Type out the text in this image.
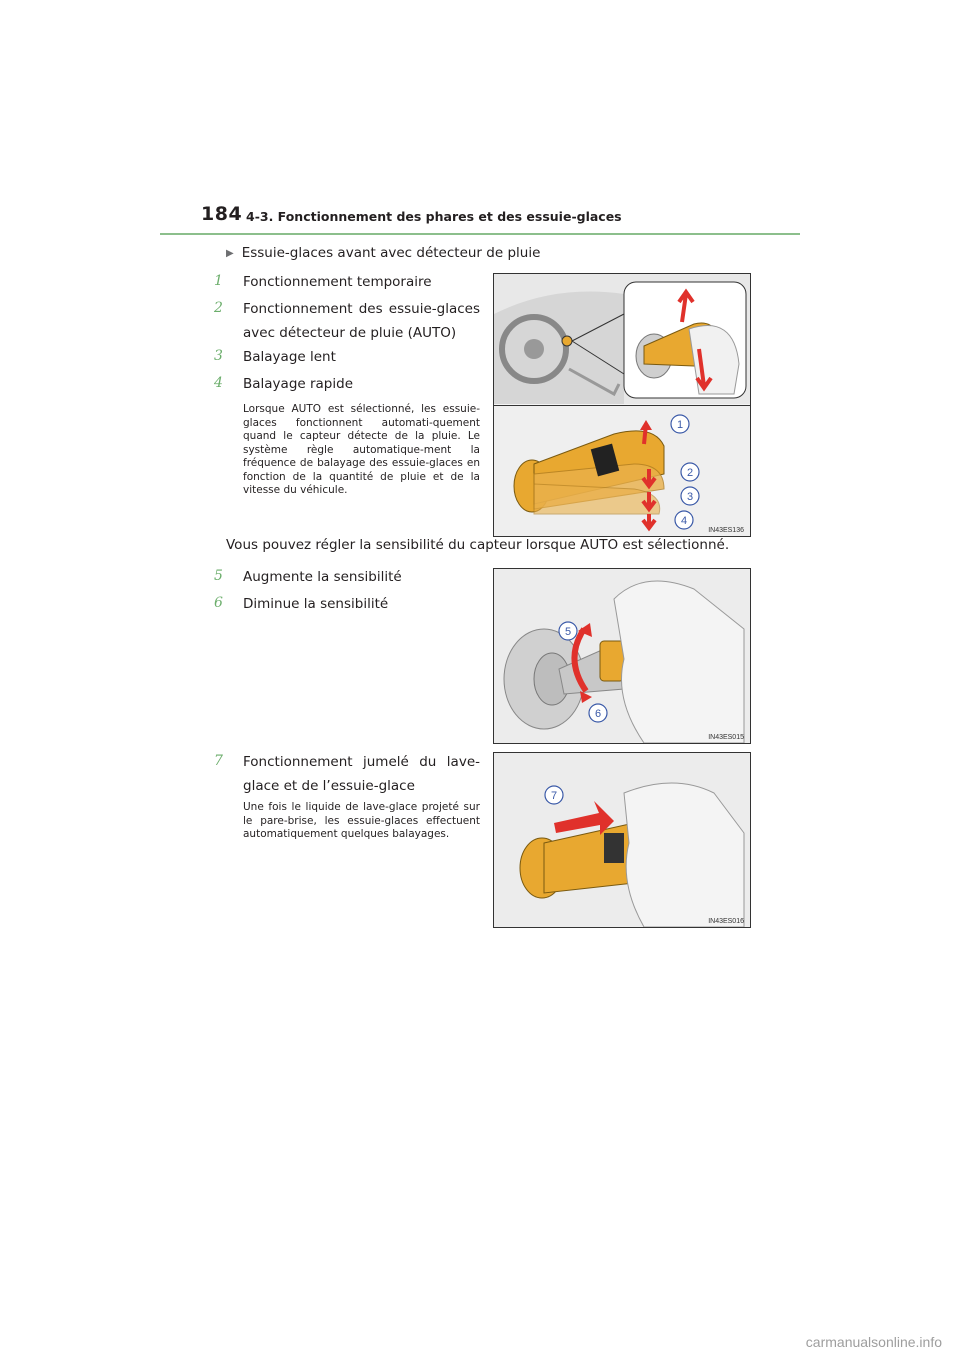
184 4-3. Fonctionnement des phares et des essuie-glaces
▶ Essuie-glaces avant avec détecteur de pluie
1	Fonctionnement temporaire
2	Fonctionnement des essuie-glaces avec détecteur de pluie (AUTO)
3	Balayage lent
4	Balayage rapide
Lorsque AUTO est sélectionné, les essuie-glaces fonctionnent automati-quement quand le capteur détecte de la pluie. Le système règle automatique-ment la fréquence de balayage des essuie-glaces en fonction de la quantité de pluie et de la vitesse du véhicule.
1
2
3
4
IN43ES136
Vous pouvez régler la sensibilité du capteur lorsque AUTO est sélectionné.
5	Augmente la sensibilité
6	Diminue la sensibilité
5
6
IN43ES015
7	Fonctionnement jumelé du lave-glace et de l’essuie-glace
Une fois le liquide de lave-glace projeté sur le pare-brise, les essuie-glaces effectuent automatiquement quelques balayages.
7
IN43ES016
carmanualsonline.info
